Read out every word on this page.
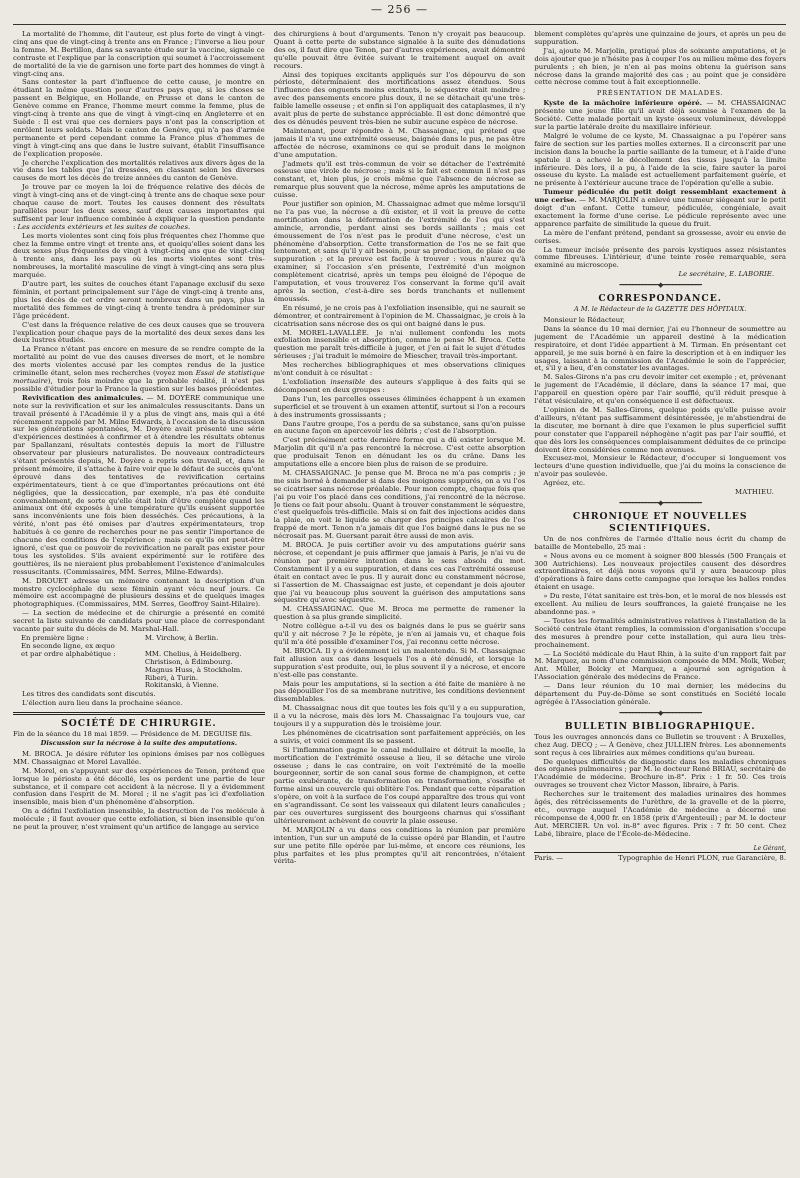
— 256 —

La mortalité de l'homme, dit l'auteur, est plus forte de vingt à vingt-cinq ans que de vingt-cinq à trente ans en France ; l'inverse a lieu pour la femme. M. Bertillon, dans sa savante étude sur la vaccine, signale ce contraste et l'explique par la conscription qui soumet à l'accroissement de mortalité de la vie de garnison une forte part des hommes de vingt à vingt-cinq ans.

Sans contester la part d'influence de cette cause, je montre en étudiant la même question pour d'autres pays que, si les choses se passent en Belgique, en Hollande, en Prusse et dans le canton de Genève comme en France, l'homme meurt comme la femme, plus de vingt-cinq à trente ans que de vingt à vingt-cinq en Angleterre et en Suède : Il est vrai que ces derniers pays n'ont pas la conscription et enrôlent leurs soldats. Mais le canton de Genève, qui n'a pas d'armée permanente et perd cependant comme la France plus d'hommes de vingt à vingt-cinq ans que dans le lustre suivant, établit l'insuffisance de l'explication proposée.

Je cherche l'explication des mortalités relatives aux divers âges de la vie dans les tables que j'ai dressées, en classant selon les diverses causes de mort les décès de treize années du canton de Genève.

Je trouve par ce moyen la loi de fréquence relative des décès de vingt à vingt-cinq ans et de vingt-cinq à trente ans de chaque sexe pour chaque cause de mort. Toutes les causes donnent des résultats parallèles pour les deux sexes, sauf deux causes importantes qui suffisent par leur influence combinée à expliquer la question pendante : Les accidents extérieurs et les suites de couches.

Les morts violentes sont cinq fois plus fréquentes chez l'homme que chez la femme entre vingt et trente ans, et quoiqu'elles soient dans les deux sexes plus fréquentes de vingt à vingt-cinq ans que de vingt-cinq à trente ans, dans les pays où les morts violentes sont très-nombreuses, la mortalité masculine de vingt à vingt-cinq ans sera plus marquée.

D'autre part, les suites de couches étant l'apanage exclusif du sexe féminin, et portant principalement sur l'âge de vingt-cinq à trente ans, plus les décès de cet ordre seront nombreux dans un pays, plus la mortalité des femmes de vingt-cinq à trente tendra à prédominer sur l'âge précédent.

C'est dans la fréquence relative de ces deux causes que se trouvera l'explication pour chaque pays de la mortalité des deux sexes dans les deux lustres étudiés.

La France n'étant pas encore en mesure de se rendre compte de la mortalité au point de vue des causes diverses de mort, et le nombre des morts violentes accusé par les comptes rendus de la justice criminelle étant, selon mes recherches (voyez mon Essai de statistique mortuaire), trois fois moindre que la probable réalité, il n'est pas possible d'étudier pour la France la question sur les bases précédentes.

Revivification des animalcules. — M. DOYÈRE communique une note sur la revivification et sur les animalcules ressuscitants. Dans un travail présenté à l'Académie il y a plus de vingt ans, mais qui a été récemment rappelé par M. Milne Edwards, à l'occasion de la discussion sur les générations spontanées, M. Doyère avait présenté une série d'expériences destinées à confirmer et à étendre les résultats obtenus par Spallanzani, résultats contestés depuis la mort de l'illustre observateur par plusieurs naturalistes. De nouveaux contradicteurs s'étant présentés depuis, M. Doyère a repris son travail, et, dans le présent mémoire, il s'attache à faire voir que le défaut de succès qu'ont éprouvé dans des tentatives de revivification certains expérimentateurs, tient à ce que d'importantes précautions ont été négligées, que la dessiccation, par exemple, n'a pas été conduite convenablement, de sorte qu'elle était loin d'être complète quand les animaux ont été exposés à une température qu'ils eussent supportée sans inconvénients une fois bien desséchés. Ces précautions, à la vérité, n'ont pas été omises par d'autres expérimentateurs, trop habitués à ce genre de recherches pour ne pas sentir l'importance de chacune des conditions de l'expérience ; mais ce qu'ils ont peut-être ignoré, c'est que ce pouvoir de revivification ne paraît pas exister pour tous les systolides. S'ils avaient expérimenté sur le rotifère des gouttières, ils ne nieraient plus probablement l'existence d'animalcules ressuscitants. (Commissaires, MM. Serres, Milne-Edwards).

M. DROUET adresse un mémoire contenant la description d'un monstre cyclocéphale du sexe féminin ayant vécu neuf jours. Ce mémoire est accompagné de plusieurs dessins et de quelques images photographiques. (Commissaires, MM. Serres, Geoffroy Saint-Hilaire).

— La section de médecine et de chirurgie a présenté en comité secret la liste suivante de candidats pour une place de correspondant vacante par suite du décès de M. Marshal-Hall.

En première ligne :	M. Virchow, à Berlin.
En seconde ligne, ex æquo
et par ordre alphabétique :	MM. Chelius, à Heidelberg.
Christison, à Édimbourg.
Magnus Huss, à Stockholm.
Riberi, à Turin.
Rokitanski, à Vienne.

Les titres des candidats sont discutés.

L'élection aura lieu dans la prochaine séance.

SOCIÉTÉ DE CHIRURGIE.

Fin de la séance du 18 mai 1859. — Présidence de M. DEGUISE fils.

Discussion sur la nécrose à la suite des amputations.

M. BROCA. Je désire réfuter les opinions émises par nos collègues MM. Chassaignac et Morel Lavallée.

M. Morel, en s'appuyant sur des expériences de Tenon, prétend que lorsque le périoste a été décollé, les os perdent une partie de leur substance, et il compare cet accident à la nécrose. Il y a évidemment confusion dans l'esprit de M. Morel ; il ne s'agit pas ici d'exfoliation insensible, mais bien d'un phénomène d'absorption.

On a défini l'exfoliation insensible, la destruction de l'os molécule à molécule ; il faut avouer que cette exfoliation, si bien insensible qu'on ne peut la prouver, n'est vraiment qu'un artifice de langage au service

des chirurgiens à bout d'arguments. Tenon n'y croyait pas beaucoup. Quant à cette perte de substance signalée à la suite des dénudations des os, il faut dire que Tenon, par d'autres expériences, avait démontré qu'elle pouvait être évitée suivant le traitement auquel on avait recours.

Ainsi des topiques excitants appliqués sur l'os dépourvu de son périoste, déterminaient des mortifications assez étendues. Sous l'influence des onguents moins excitants, le séquestre était moindre ; avec des pansements encore plus doux, il ne se détachait qu'une très-faible lamelle osseuse ; et enfin si l'on appliquait des cataplasmes, il n'y avait plus de perte de substance appréciable. Il est donc démontré que des os dénudés peuvent très-bien ne subir aucune espèce de nécrose.

Maintenant, pour répondre à M. Chassaignac, qui prétend que jamais il n'a vu une extrémité osseuse, baignée dans le pus, ne pas être affectée de nécrose, examinons ce qui se produit dans le moignon d'une amputation.

J'admets qu'il est très-commun de voir se détacher de l'extrémité osseuse une virole de nécrose ; mais si le fait est commun il n'est pas constant, et, bien plus, je crois même que l'absence de nécrose se remarque plus souvent que la nécrose, même après les amputations de cuisse.

Pour justifier son opinion, M. Chassaignac admet que même lorsqu'il ne l'a pas vue, la nécrose a dû exister, et il voit la preuve de cette mortification dans la déformation de l'extrémité de l'os qui s'est amincie, arrondie, perdant ainsi ses bords saillants ; mais cet émoussement de l'os n'est pas le produit d'une nécrose, c'est un phénomène d'absorption. Cette transformation de l'os ne se fait que lentement, et sans qu'il y ait besoin, pour sa production, de plaie ou de suppuration ; et la preuve est facile à trouver : vous n'aurez qu'à examiner, si l'occasion s'en présente, l'extrémité d'un moignon complètement cicatrisé, après un temps peu éloigné de l'époque de l'amputation, et vous trouverez l'os conservant la forme qu'il avait après la section, c'est-à-dire ses bords tranchants et nullement émoussés.

En résumé, je ne crois pas à l'exfoliation insensible, qui ne saurait se démontrer, et contrairement à l'opinion de M. Chassaignac, je crois à la cicatrisation sans nécrose des os qui ont baigné dans le pus.

M. MOREL-LAVALLÉE. Je n'ai nullement confondu les mots exfoliation insensible et absorption, comme le pense M. Broca. Cette question me paraît très-difficile à juger, et j'en ai fait le sujet d'études sérieuses ; j'ai traduit le mémoire de Miescher, travail très-important.

Mes recherches bibliographiques et mes observations cliniques m'ont conduit à ce résultat :

L'exfoliation insensible des auteurs s'applique à des faits qui se décomposent en deux groupes :

Dans l'un, les parcelles osseuses éliminées échappent à un examen superficiel et se trouvent à un examen attentif, surtout si l'on a recours à des instruments grossissants ;

Dans l'autre groupe, l'os a perdu de sa substance, sans qu'on puisse en aucune façon en apercevoir les débris ; c'est de l'absorption.

C'est précisément cette dernière forme qui a dû exister lorsque M. Marjolin dit qu'il n'a pas rencontré la nécrose. C'est cette absorption que produisait Tenon en dénudant les os du crâne. Dans les amputations elle a encore bien plus de raison de se produire.

M. CHASSAIGNAC. Je pense que M. Broca ne m'a pas compris ; je me suis borné à demander si dans des moignons suppurés, on a vu l'os se cicatriser sans nécrose préalable. Pour mon compte, chaque fois que j'ai pu voir l'os placé dans ces conditions, j'ai rencontré de la nécrose. Je tiens ce fait pour absolu. Quant à trouver constamment le séquestre, c'est quelquefois très-difficile. Mais si on fait des injections acides dans la plaie, on voit le liquide se charger des principes calcaires de l'os frappé de mort. Tenon n'a jamais dit que l'os baigné dans le pus ne se nécrosait pas. M. Guersant parait être aussi de mon avis.

M. BROCA. Je puis certifier avoir vu des amputations guérir sans nécrose, et cependant je puis affirmer que jamais à Paris, je n'ai vu de réunion par première intention dans le sens absolu du mot. Constamment il y a eu suppuration, et dans ces cas l'extrémité osseuse était en contact avec le pus. Il y aurait donc eu constamment nécrose, si l'assertion de M. Chassaignac est juste, et cependant je dois ajouter que j'ai vu beaucoup plus souvent la guérison des amputations sans séquestre qu'avec séquestre.

M. CHASSAIGNAC. Que M. Broca me permette de ramener la question à sa plus grande simplicité.

Notre collègue a-t-il vu des os baignés dans le pus se guérir sans qu'il y ait nécrose ? Je le répète, je n'en ai jamais vu, et chaque fois qu'il m'a été possible d'examiner l'os, j'ai reconnu cette nécrose.

M. BROCA. Il y a évidemment ici un malentendu. Si M. Chassaignac fait allusion aux cas dans lesquels l'os a été dénudé, et lorsque la suppuration s'est produite, oui, le plus souvent il y a nécrose, et encore n'est-elle pas constante.

Mais pour les amputations, si la section a été faite de manière à ne pas dépouiller l'os de sa membrane nutritive, les conditions deviennent dissemblables.

M. Chassaignac nous dit que toutes les fois qu'il y a eu suppuration, il a vu la nécrose, mais dès lors M. Chassaignac l'a toujours vue, car toujours il y a suppuration dès le troisième jour.

Les phénomènes de cicatrisation sont parfaitement appréciés, on les a suivis, et voici comment ils se passent.

Si l'inflammation gagne le canal médullaire et détruit la moelle, la mortification de l'extrémité osseuse a lieu, il se détache une virole osseuse ; dans le cas contraire, on voit l'extrémité de la moelle bourgeonner, sortir de son canal sous forme de champignon, et cette partie exubérante, de transformation en transformation, s'ossifie et forme ainsi un couvercle qui oblitère l'os. Pendant que cette réparation s'opère, on voit à la surface de l'os coupé apparaître des trous qui vont en s'agrandissant. Ce sont les vaisseaux qui dilatent leurs canalicules ; par ces ouvertures surgissent des bourgeons charnus qui s'ossifiant ultérieurement achèvent de couvrir la plaie osseuse.

M. MARJOLIN a vu dans ces conditions la réunion par première intention, l'un sur un amputé de la cuisse opéré par Blandin, et l'autre sur une petite fille opérée par lui-même, et encore ces réunions, les plus parfaites et les plus promptes qu'il ait rencontrées, n'étaient vérita-

blement complètes qu'après une quinzaine de jours, et après un peu de suppuration.

J'ai, ajoute M. Marjolin, pratiqué plus de soixante amputations, et je dois ajouter que je n'hésite pas à couper l'os au milieu même des foyers purulents ; eh bien, je n'en ai pas moins obtenu la guérison sans nécrose dans la grande majorité des cas ; au point que je considère cette nécrose comme tout à fait exceptionnelle.

PRÉSENTATION DE MALADES.

Kyste de la mâchoire inférieure opéré. — M. CHASSAIGNAC présente une jeune fille qu'il avait déjà soumise à l'examen de la Société. Cette malade portait un kyste osseux volumineux, développé sur la partie latérale droite du maxillaire inférieur.

Malgré le volume de ce kyste, M. Chassaignac a pu l'opérer sans faire de section sur les parties molles externes. Il a circonscrit par une incision dans la bouche la partie saillante de la tumeur, et à l'aide d'une spatule il a achevé le décollement des tissus jusqu'à la limite inférieure. Dès lors, il a pu, à l'aide de la scie, faire sauter la paroi osseuse du kyste. La malade est actuellement parfaitement guérie, et ne présente à l'extérieur aucune trace de l'opération qu'elle a subie.

Tumeur pédiculée du petit doigt ressemblant exactement à une cerise. — M. MARJOLIN a enlevé une tumeur siégeant sur le petit doigt d'un enfant. Cette tumeur, pédiculée, congéniale, avait exactement la forme d'une cerise. Le pédicule représente avec une apparence parfaite de similitude la queue du fruit.

La mère de l'enfant prétend, pendant sa grossesse, avoir eu envie de cerises.

La tumeur incisée présente des parois kystiques assez résistantes comme fibreuses. L'intérieur, d'une teinte rosée remarquable, sera examiné au microscope.

Le secrétaire, E. LABORIE.
━━━━━━━━━━━━◆━━━━━━━━━━━━
CORRESPONDANCE.
A M. le Rédacteur de la GAZETTE DES HÔPITAUX.

Monsieur le Rédacteur,

Dans la séance du 10 mai dernier, j'ai eu l'honneur de soumettre au jugement de l'Académie un appareil destiné à la médication respiratoire, et dont l'idée appartient à M. Tirman. En présentant cet appareil, je me suis borné à en faire la description et à en indiquer les usages, laissant à la commission de l'Académie le soin de l'apprécier, et, s'il y a lieu, d'en constater les avantages.

M. Sales-Girons n'a pas cru devoir imiter cet exemple ; et, prévenant le jugement de l'Académie, il déclare, dans la séance 17 mai, que l'appareil en question opère par l'air soufflé, qu'il réduit presque à l'état vésiculaire, et qu'en conséquence il est défectueux.

L'opinion de M. Salles-Girons, quelque poids qu'elle puisse avoir d'ailleurs, n'étant pas suffisamment désintéressée, je m'abstiendrai de la discuter, me bornant à dire que l'examen le plus superficiel suffit pour constater que l'appareil néphogène n'agit pas par l'air soufflé, et que dès lors les conséquences complaisamment déduites de ce principe doivent être considérées comme non avenues.

Excusez-moi, Monsieur le Rédacteur, d'occuper si longuement vos lecteurs d'une question individuelle, que j'ai du moins la conscience de n'avoir pas soulevée.

Agréez, etc.

MATHIEU.
━━━━━━━━━━━━◆━━━━━━━━━━━━
CHRONIQUE ET NOUVELLES SCIENTIFIQUES.

Un de nos confrères de l'armée d'Italie nous écrit du champ de bataille de Montebello, 25 mai :

« Nous avons eu ce moment à soigner 800 blessés (500 Français et 300 Autrichiens). Les nouveaux projectiles causent des désordres extraordinaires, et déjà nous voyons qu'il y aura beaucoup plus d'opérations à faire dans cette campagne que lorsque les balles rondes étaient en usage.

» Du reste, l'état sanitaire est très-bon, et le moral de nos blessés est excellent. Au milieu de leurs souffrances, la gaieté française ne les abandonne pas. »

— Toutes les formalités administratives relatives à l'installation de la Société centrale étant remplies, la commission d'organisation s'occupe des mesures à prendre pour cette installation, qui aura lieu très-prochainement.

— La Société médicale du Haut Rhin, à la suite d'un rapport fait par M. Marquez, au nom d'une commission composée de MM. Molk, Weber, Ant. Müller, Bolcky et Marquez, a ajourné son agrégation à l'Association générale des médecins de France.

— Dans leur réunion du 10 mai dernier, les médecins du département du Puy-de-Dôme se sont constitués en Société locale agrégée à l'Association générale.

━━━━━━━━━━━━◆━━━━━━━━━━━━
BULLETIN BIBLIOGRAPHIQUE.

Tous les ouvrages annoncés dans ce Bulletin se trouvent : À Bruxelles, chez Aug. DECQ ; — À Genève, chez JULLIEN frères. Les abonnements sont reçus à ces librairies aux mêmes conditions qu'au bureau.

De quelques difficultés de diagnostic dans les maladies chroniques des organes pulmonaires ; par M. le docteur René BRIAU, secrétaire de l'Académie de médecine. Brochure in-8°. Prix : 1 fr. 50. Ces trois ouvrages se trouvent chez Victor Masson, libraire, à Paris.

Recherches sur le traitement des maladies urinaires des hommes âgés, des rétrécissements de l'urèthre, de la gravelle et de la pierre, etc., ouvrage auquel l'Académie de médecine a décerné une récompense de 4,000 fr. en 1858 (prix d'Argenteuil) ; par M. le docteur Aut. MERCIER. Un vol. in-8° avec figures. Prix : 7 fr. 50 cent. Chez Labé, libraire, place de l'École-de-Médecine.

Le Gérant,
Paris. —	Typographie de Henri PLON, rue Garancière, 8.
